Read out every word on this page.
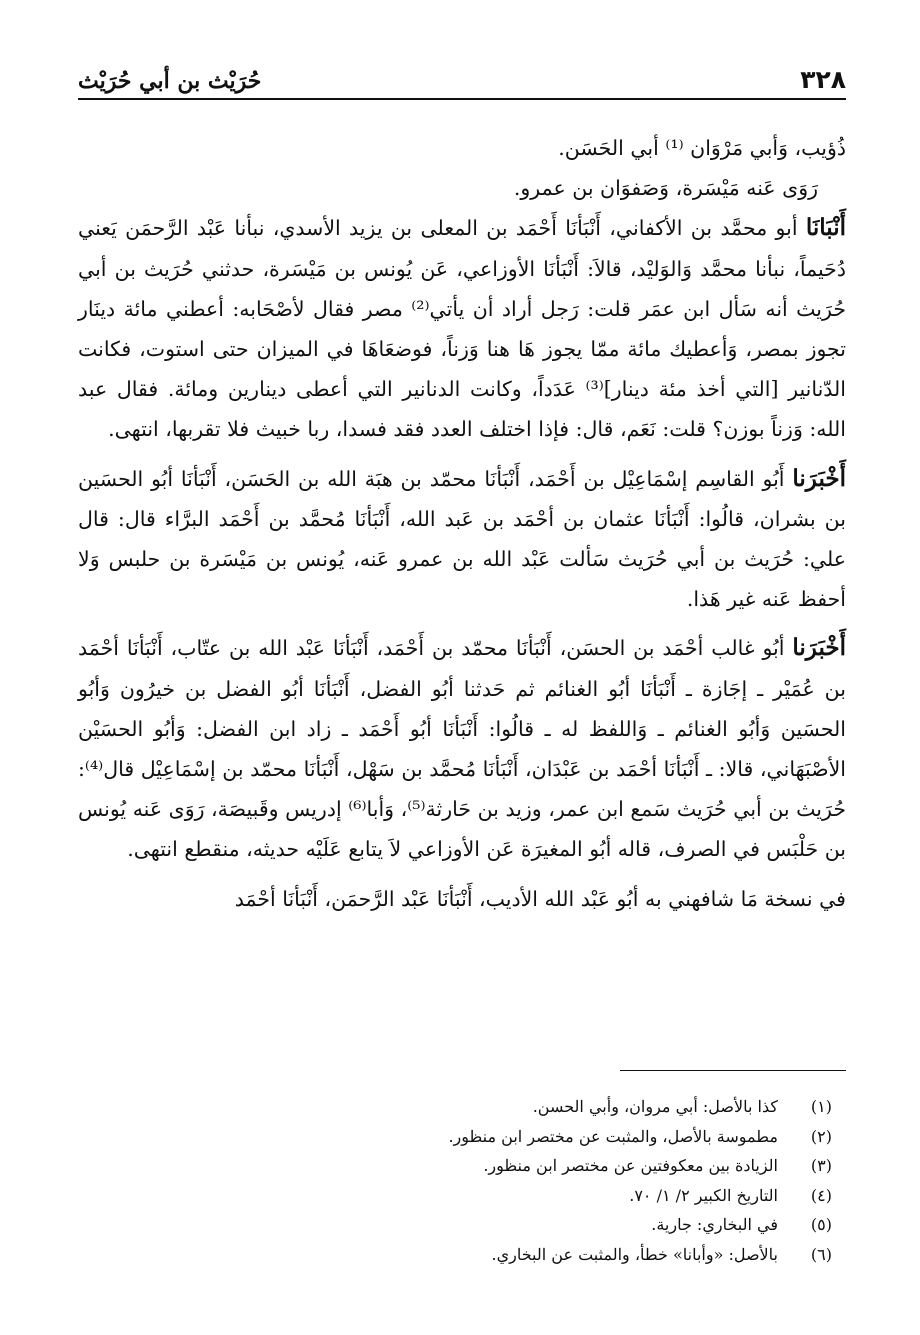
٣٢٨
حُرَيْث بن أبي حُرَيْث

ذُؤيب، وَأبي مَرْوَان ⁽¹⁾ أبي الحَسَن.

رَوَى عَنه مَيْسَرة، وَصَفوَان بن عمرو.

أَنْبَانَا أبو محمَّد بن الأكفاني، أَنْبَأنَا أَحْمَد بن المعلى بن يزيد الأسدي، نبأنا عَبْد الرَّحمَن يَعني دُحَيماً، نبأنا محمَّد وَالوَليْد، قالاَ: أَنْبَأنَا الأوزاعي، عَن يُونس بن مَيْسَرة، حدثني حُرَيث بن أبي حُرَيث أنه سَأل ابن عمَر قلت: رَجل أراد أن يأتي⁽²⁾ مصر فقال لأصْحَابه: أعطني مائة دينَار تجوز بمصر، وَأعطيك مائة ممّا يجوز هَا هنا وَزناً، فوضعَاهَا في الميزان حتى استوت، فكانت الدّنانير [التي أخذ مئة دينار]⁽³⁾ عَدَداً، وكانت الدنانير التي أعطى دينارين ومائة. فقال عبد الله: وَزناً بوزن؟ قلت: نَعَم، قال: فإذا اختلف العدد فقد فسدا، ربا خبيث فلا تقربها، انتهى.

أَخْبَرَنا أَبُو القاسِم إسْمَاعِيْل بن أَحْمَد، أَنْبَأنَا محمّد بن هبَة الله بن الحَسَن، أَنْبَأنَا أبُو الحسَين بن بشران، قالُوا: أَنْبَأنَا عثمان بن أحْمَد بن عَبد الله، أَنْبَأنَا مُحمَّد بن أَحْمَد البرَّاء قال: قال علي: حُرَيث بن أبي حُرَيث سَألت عَبْد الله بن عمرو عَنه، يُونس بن مَيْسَرة بن حلبس وَلا أحفظ عَنه غير هَذا.

أَخْبَرَنا أبُو غالب أحْمَد بن الحسَن، أَنْبَأنَا محمّد بن أَحْمَد، أَنْبَأنَا عَبْد الله بن عتّاب، أَنْبَأنَا أحْمَد بن عُمَيْر ـ إجَازة ـ أَنْبَأنَا أبُو الغنائم ثم حَدثنا أبُو الفضل، أَنْبَأنَا أبُو الفضل بن خيرُون وَأبُو الحسَين وَأبُو الغنائم ـ وَاللفظ له ـ قالُوا: أَنْبَأنَا أبُو أَحْمَد ـ زاد ابن الفضل: وَأبُو الحسَيْن الأصْبَهَاني، قالا: ـ أَنْبَأنَا أحْمَد بن عَبْدَان، أَنْبَأنَا مُحمَّد بن سَهْل، أَنْبَأنَا محمّد بن إسْمَاعِيْل قال⁽⁴⁾: حُرَيث بن أبي حُرَيث سَمع ابن عمر، وزيد بن حَارثة⁽⁵⁾، وَأبا⁽⁶⁾ إدريس وقَبيصَة، رَوَى عَنه يُونس بن حَلْبَس في الصرف، قاله أبُو المغيرَة عَن الأوزاعي لاَ يتابع عَلَيْه حديثه، منقطع انتهى.

في نسخة مَا شافهني به أبُو عَبْد الله الأديب، أَنْبَأنَا عَبْد الرَّحمَن، أَنْبَأنَا أحْمَد

(١)
كذا بالأصل: أبي مروان، وأبي الحسن.
(٢)
مطموسة بالأصل، والمثبت عن مختصر ابن منظور.
(٣)
الزيادة بين معكوفتين عن مختصر ابن منظور.
(٤)
التاريخ الكبير ٢/ ١/ ٧٠.
(٥)
في البخاري: جارية.
(٦)
بالأصل: «وأبانا» خطأ، والمثبت عن البخاري.
